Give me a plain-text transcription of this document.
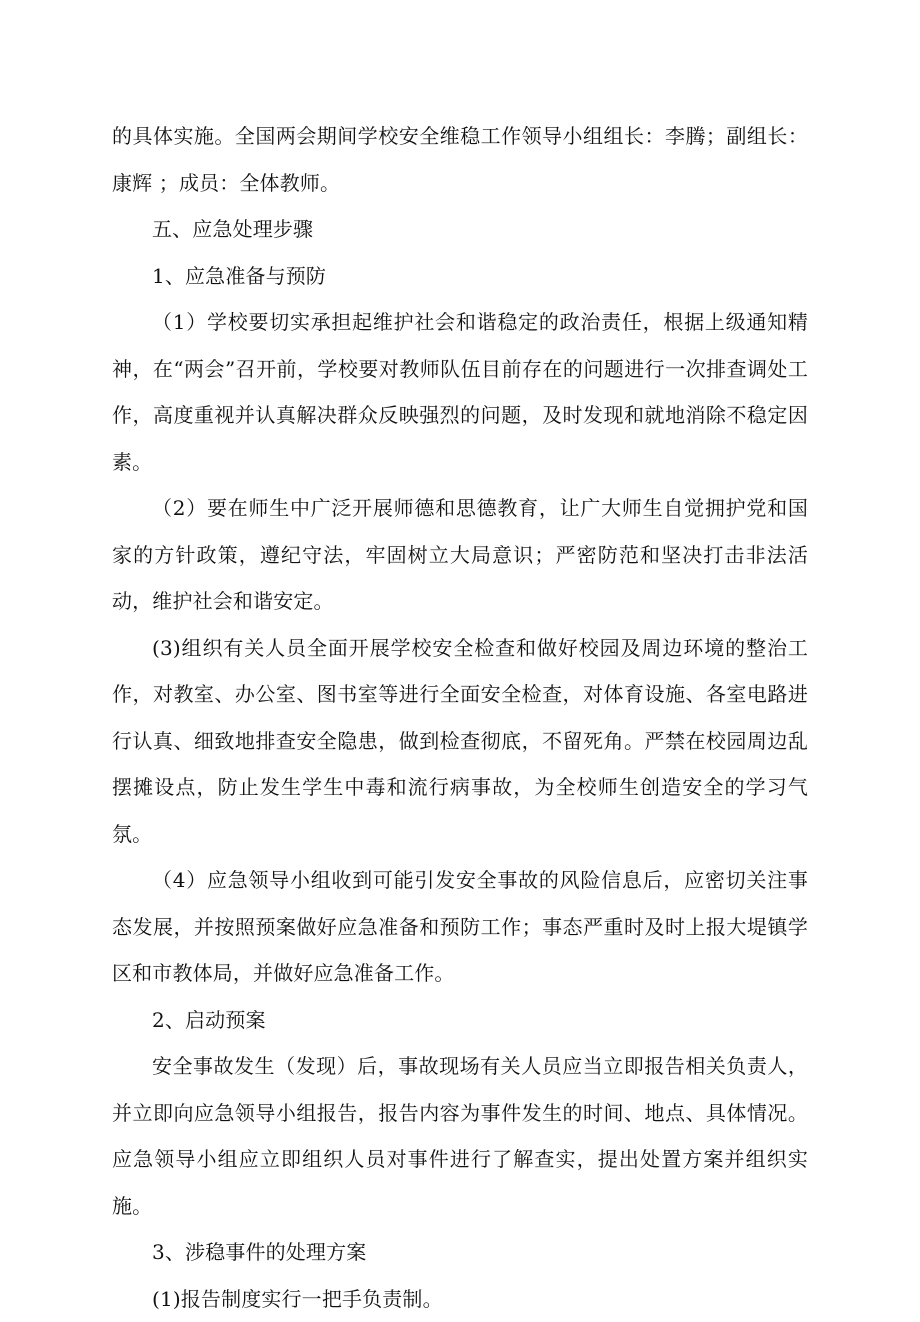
的具体实施。全国两会期间学校安全维稳工作领导小组组长：李腾；副组长：康辉 ；成员：全体教师。

五、应急处理步骤

1、应急准备与预防

（1）学校要切实承担起维护社会和谐稳定的政治责任，根据上级通知精神，在“两会”召开前，学校要对教师队伍目前存在的问题进行一次排查调处工作，高度重视并认真解决群众反映强烈的问题，及时发现和就地消除不稳定因素。

（2）要在师生中广泛开展师德和思德教育，让广大师生自觉拥护党和国家的方针政策，遵纪守法，牢固树立大局意识；严密防范和坚决打击非法活动，维护社会和谐安定。

(3)组织有关人员全面开展学校安全检查和做好校园及周边环境的整治工作，对教室、办公室、图书室等进行全面安全检查，对体育设施、各室电路进行认真、细致地排查安全隐患，做到检查彻底，不留死角。严禁在校园周边乱摆摊设点，防止发生学生中毒和流行病事故，为全校师生创造安全的学习气氛。

（4）应急领导小组收到可能引发安全事故的风险信息后，应密切关注事态发展，并按照预案做好应急准备和预防工作；事态严重时及时上报大堤镇学区和市教体局，并做好应急准备工作。

2、启动预案

安全事故发生（发现）后，事故现场有关人员应当立即报告相关负责人，并立即向应急领导小组报告，报告内容为事件发生的时间、地点、具体情况。应急领导小组应立即组织人员对事件进行了解查实，提出处置方案并组织实施。

3、涉稳事件的处理方案

(1)报告制度实行一把手负责制。
